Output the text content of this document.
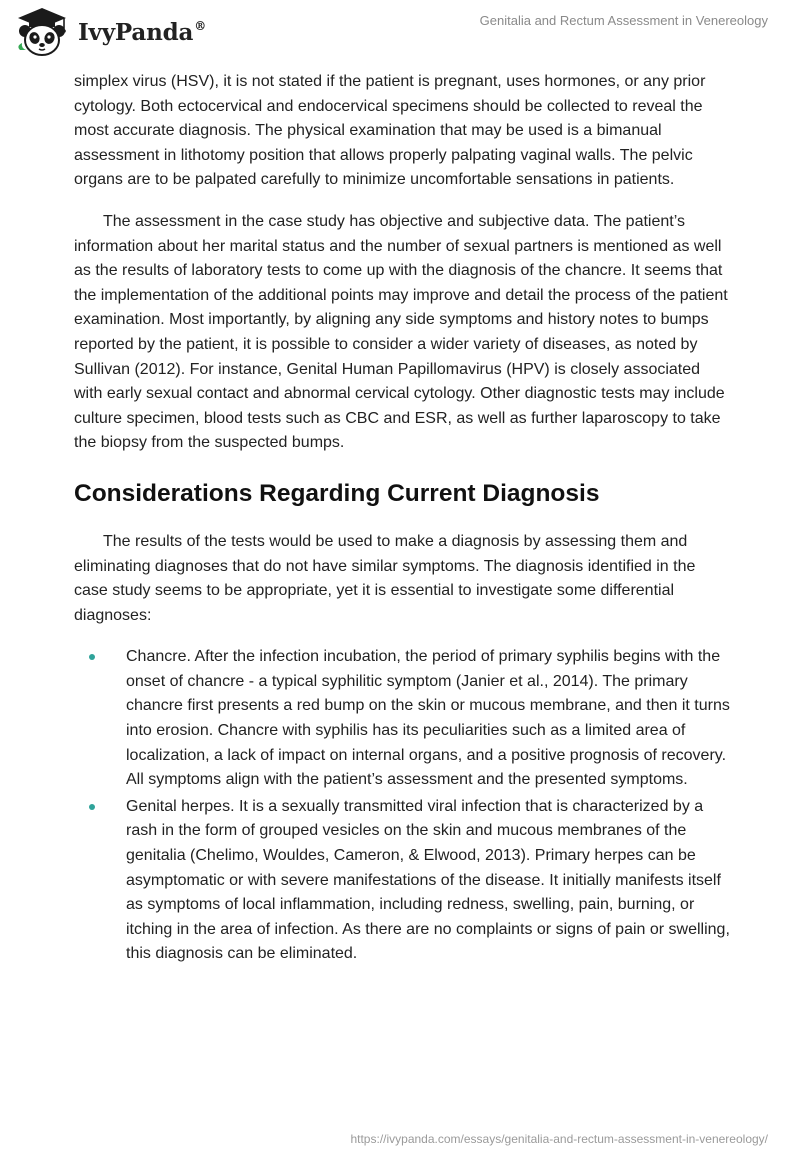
IvyPanda®	Genitalia and Rectum Assessment in Venereology

simplex virus (HSV), it is not stated if the patient is pregnant, uses hormones, or any prior cytology. Both ectocervical and endocervical specimens should be collected to reveal the most accurate diagnosis. The physical examination that may be used is a bimanual assessment in lithotomy position that allows properly palpating vaginal walls. The pelvic organs are to be palpated carefully to minimize uncomfortable sensations in patients.

The assessment in the case study has objective and subjective data. The patient’s information about her marital status and the number of sexual partners is mentioned as well as the results of laboratory tests to come up with the diagnosis of the chancre. It seems that the implementation of the additional points may improve and detail the process of the patient examination. Most importantly, by aligning any side symptoms and history notes to bumps reported by the patient, it is possible to consider a wider variety of diseases, as noted by Sullivan (2012). For instance, Genital Human Papillomavirus (HPV) is closely associated with early sexual contact and abnormal cervical cytology. Other diagnostic tests may include culture specimen, blood tests such as CBC and ESR, as well as further laparoscopy to take the biopsy from the suspected bumps.

Considerations Regarding Current Diagnosis

The results of the tests would be used to make a diagnosis by assessing them and eliminating diagnoses that do not have similar symptoms. The diagnosis identified in the case study seems to be appropriate, yet it is essential to investigate some differential diagnoses:

Chancre. After the infection incubation, the period of primary syphilis begins with the onset of chancre - a typical syphilitic symptom (Janier et al., 2014). The primary chancre first presents a red bump on the skin or mucous membrane, and then it turns into erosion. Chancre with syphilis has its peculiarities such as a limited area of localization, a lack of impact on internal organs, and a positive prognosis of recovery. All symptoms align with the patient’s assessment and the presented symptoms.
Genital herpes. It is a sexually transmitted viral infection that is characterized by a rash in the form of grouped vesicles on the skin and mucous membranes of the genitalia (Chelimo, Wouldes, Cameron, & Elwood, 2013). Primary herpes can be asymptomatic or with severe manifestations of the disease. It initially manifests itself as symptoms of local inflammation, including redness, swelling, pain, burning, or itching in the area of infection. As there are no complaints or signs of pain or swelling, this diagnosis can be eliminated.
https://ivypanda.com/essays/genitalia-and-rectum-assessment-in-venereology/
